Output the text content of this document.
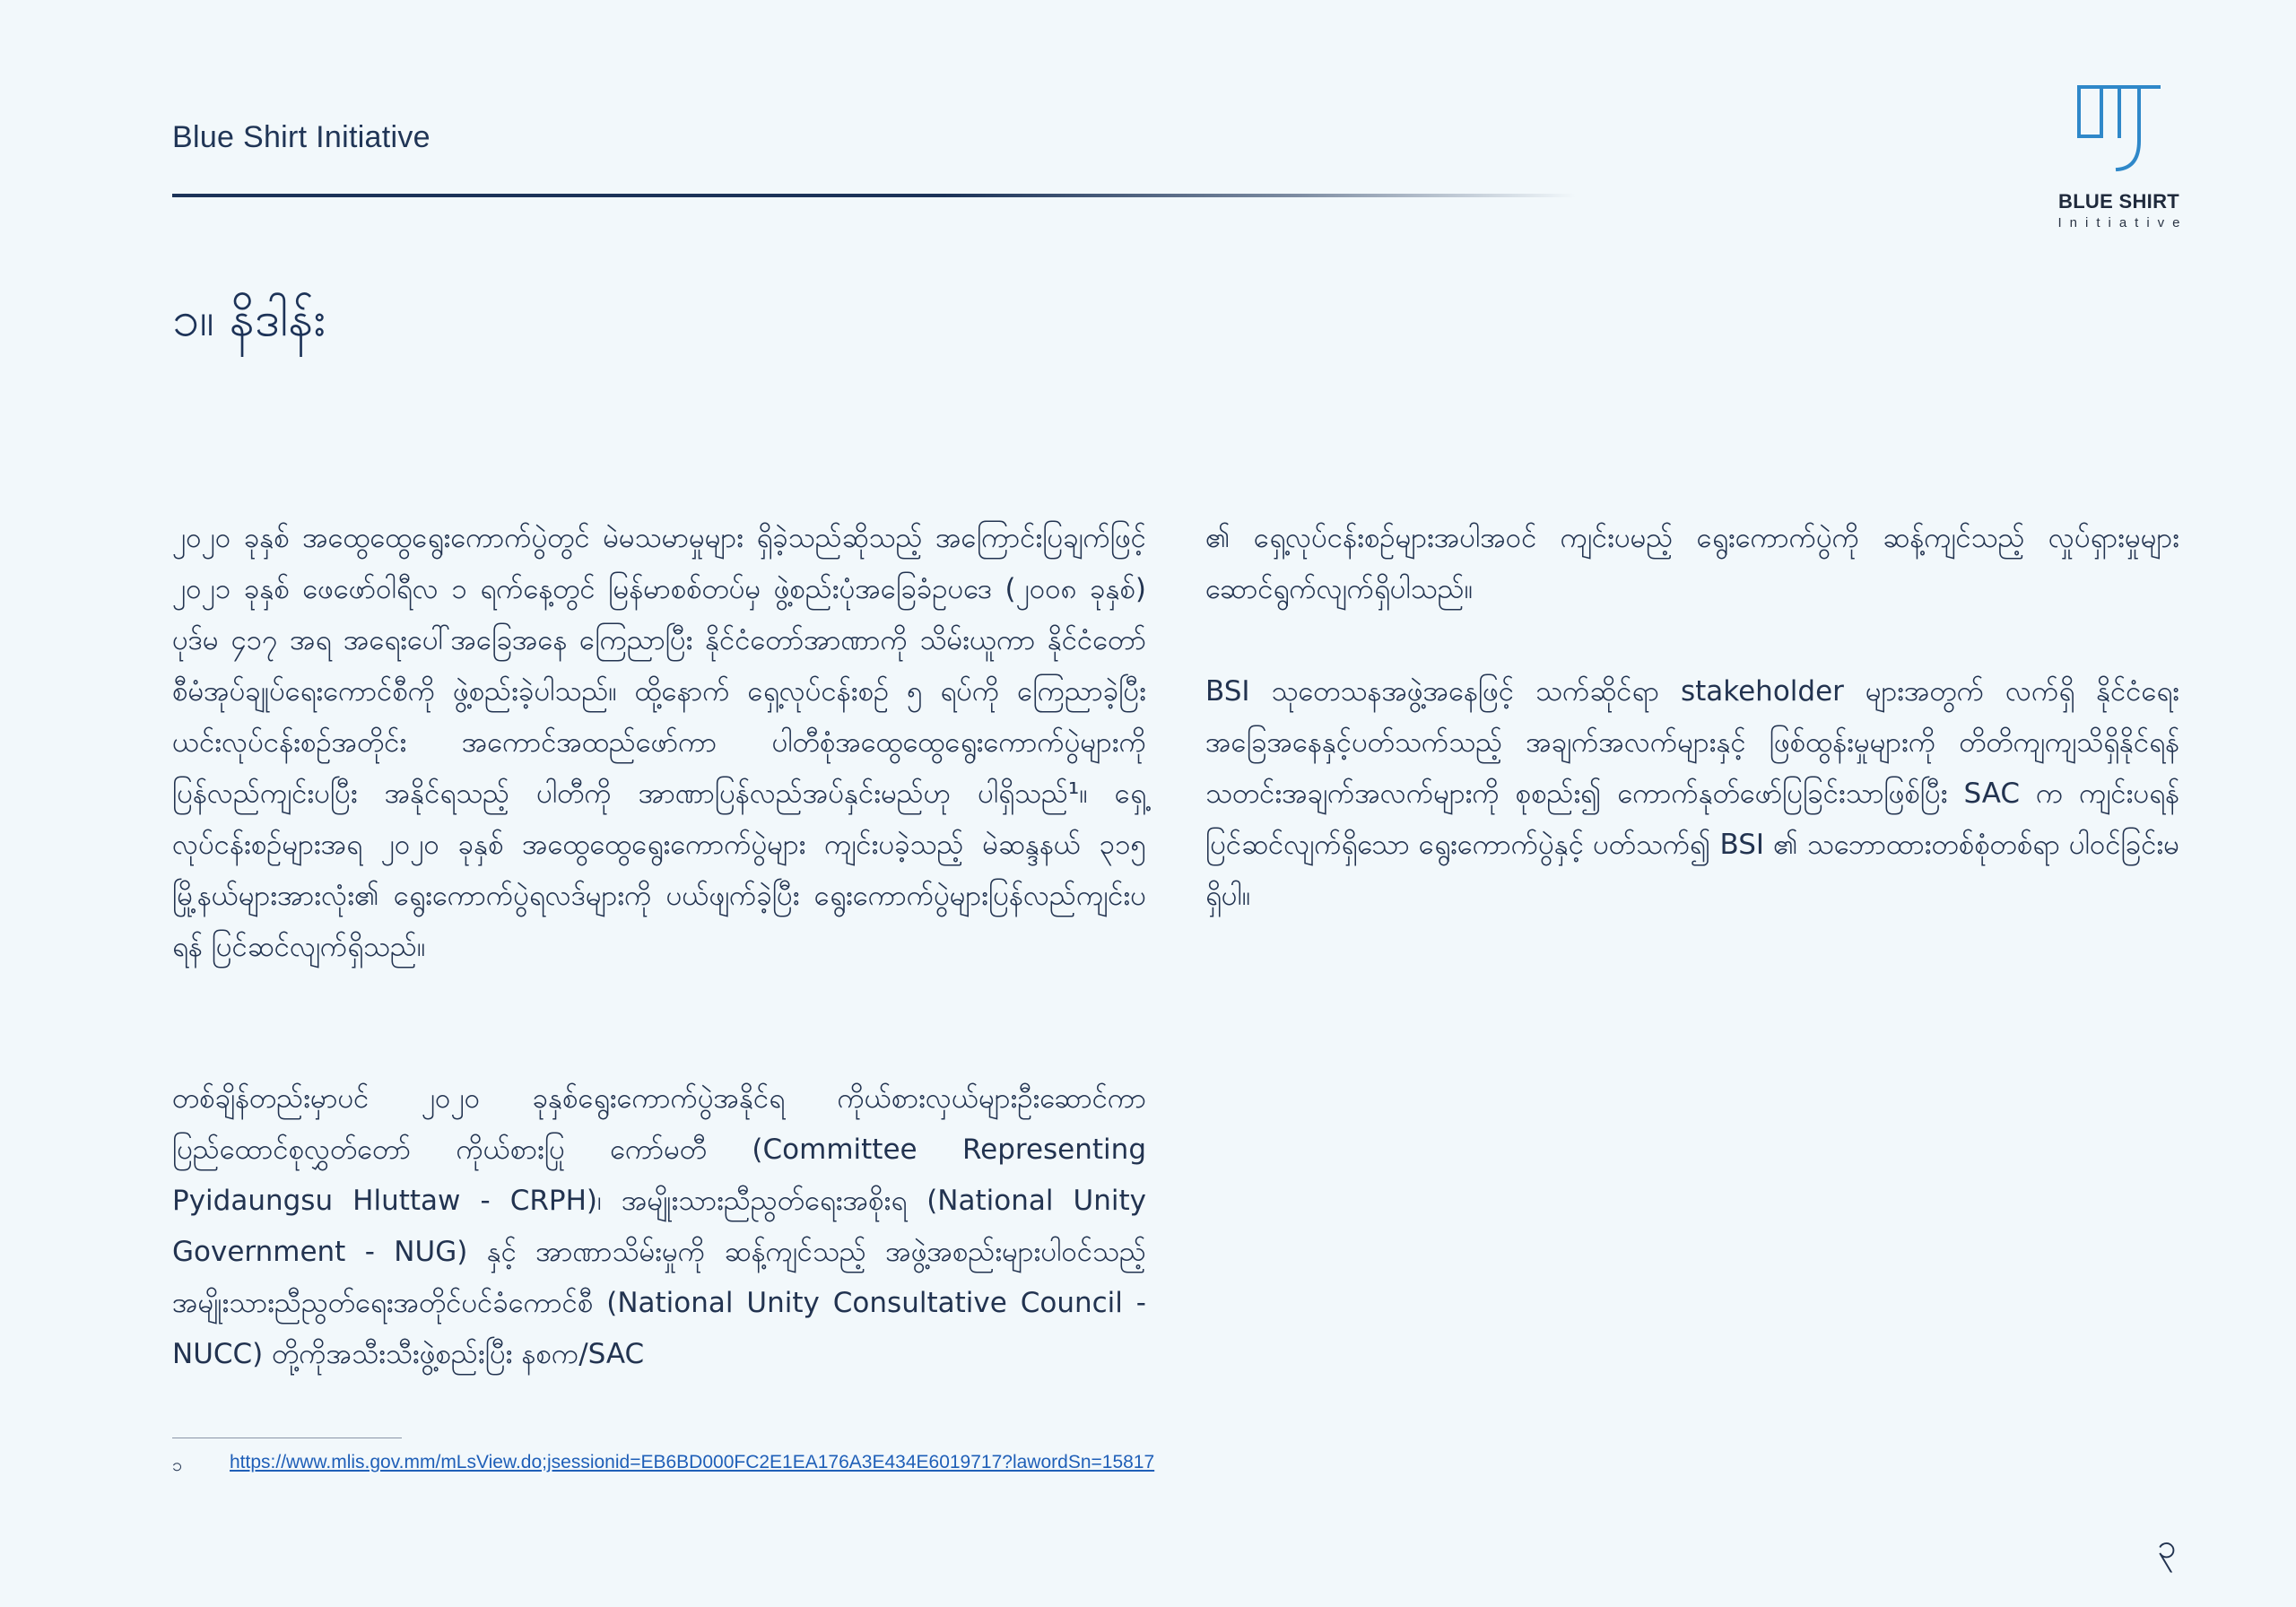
Blue Shirt Initiative
BLUE SHIRT
Initiative
၁။ နိဒါန်း

၂၀၂၀ ခုနှစ် အထွေထွေရွေးကောက်ပွဲတွင် မဲမသမာမှုများ ရှိခဲ့သည်ဆိုသည့် အကြောင်းပြချက်ဖြင့် ၂၀၂၁ ခုနှစ် ဖေဖော်ဝါရီလ ၁ ရက်နေ့တွင် မြန်မာစစ်တပ်မှ ဖွဲ့စည်းပုံအခြေခံဥပဒေ (၂၀၀၈ ခုနှစ်) ပုဒ်မ ၄၁၇ အရ အရေးပေါ်အခြေအနေ ကြေညာပြီး နိုင်ငံတော်အာဏာကို သိမ်းယူကာ နိုင်ငံတော်စီမံအုပ်ချုပ်ရေးကောင်စီကို ဖွဲ့စည်းခဲ့ပါသည်။ ထို့နောက် ရှေ့လုပ်ငန်းစဉ် ၅ ရပ်ကို ကြေညာခဲ့ပြီး ယင်းလုပ်ငန်းစဉ်အတိုင်း အကောင်အထည်ဖော်ကာ ပါတီစုံအထွေထွေရွေးကောက်ပွဲများကို ပြန်လည်ကျင်းပပြီး အနိုင်ရသည့် ပါတီကို အာဏာပြန်လည်အပ်နှင်းမည်ဟု ပါရှိသည်¹။ ရှေ့လုပ်ငန်းစဉ်များအရ ၂၀၂၀ ခုနှစ် အထွေထွေရွေးကောက်ပွဲများ ကျင်းပခဲ့သည့် မဲဆန္ဒနယ် ၃၁၅ မြို့နယ်များအားလုံး၏ ရွေးကောက်ပွဲရလဒ်များကို ပယ်ဖျက်ခဲ့ပြီး ရွေးကောက်ပွဲများပြန်လည်ကျင်းပရန် ပြင်ဆင်လျက်ရှိသည်။

တစ်ချိန်တည်းမှာပင် ၂၀၂၀ ခုနှစ်ရွေးကောက်ပွဲအနိုင်ရ ကိုယ်စားလှယ်များဦးဆောင်ကာ ပြည်ထောင်စုလွှတ်တော် ကိုယ်စားပြု ကော်မတီ (Committee Representing Pyidaungsu Hluttaw - CRPH)၊ အမျိုးသားညီညွတ်ရေးအစိုးရ (National Unity Government - NUG) နှင့် အာဏာသိမ်းမှုကို ဆန့်ကျင်သည့် အဖွဲ့အစည်းများပါဝင်သည့် အမျိုးသားညီညွတ်ရေးအတိုင်ပင်ခံကောင်စီ (National Unity Consultative Council - NUCC) တို့ကိုအသီးသီးဖွဲ့စည်းပြီး နစက/SAC

၏ ရှေ့လုပ်ငန်းစဉ်များအပါအဝင် ကျင်းပမည့် ရွေးကောက်ပွဲကို ဆန့်ကျင်သည့် လှုပ်ရှားမှုများ ဆောင်ရွက်လျက်ရှိပါသည်။

BSI သုတေသနအဖွဲ့အနေဖြင့် သက်ဆိုင်ရာ stakeholder များအတွက် လက်ရှိ နိုင်ငံရေးအခြေအနေနှင့်ပတ်သက်သည့် အချက်အလက်များနှင့် ဖြစ်ထွန်းမှုများကို တိတိကျကျသိရှိနိုင်ရန် သတင်းအချက်အလက်များကို စုစည်း၍ ကောက်နုတ်ဖော်ပြခြင်းသာဖြစ်ပြီး SAC က ကျင်းပရန် ပြင်ဆင်လျက်ရှိသော ရွေးကောက်ပွဲနှင့် ပတ်သက်၍ BSI ၏ သဘောထားတစ်စုံတစ်ရာ ပါဝင်ခြင်းမရှိပါ။

၁	https://www.mlis.gov.mm/mLsView.do;jsessionid=EB6BD000FC2E1EA176A3E434E6019717?lawordSn=15817
၃
